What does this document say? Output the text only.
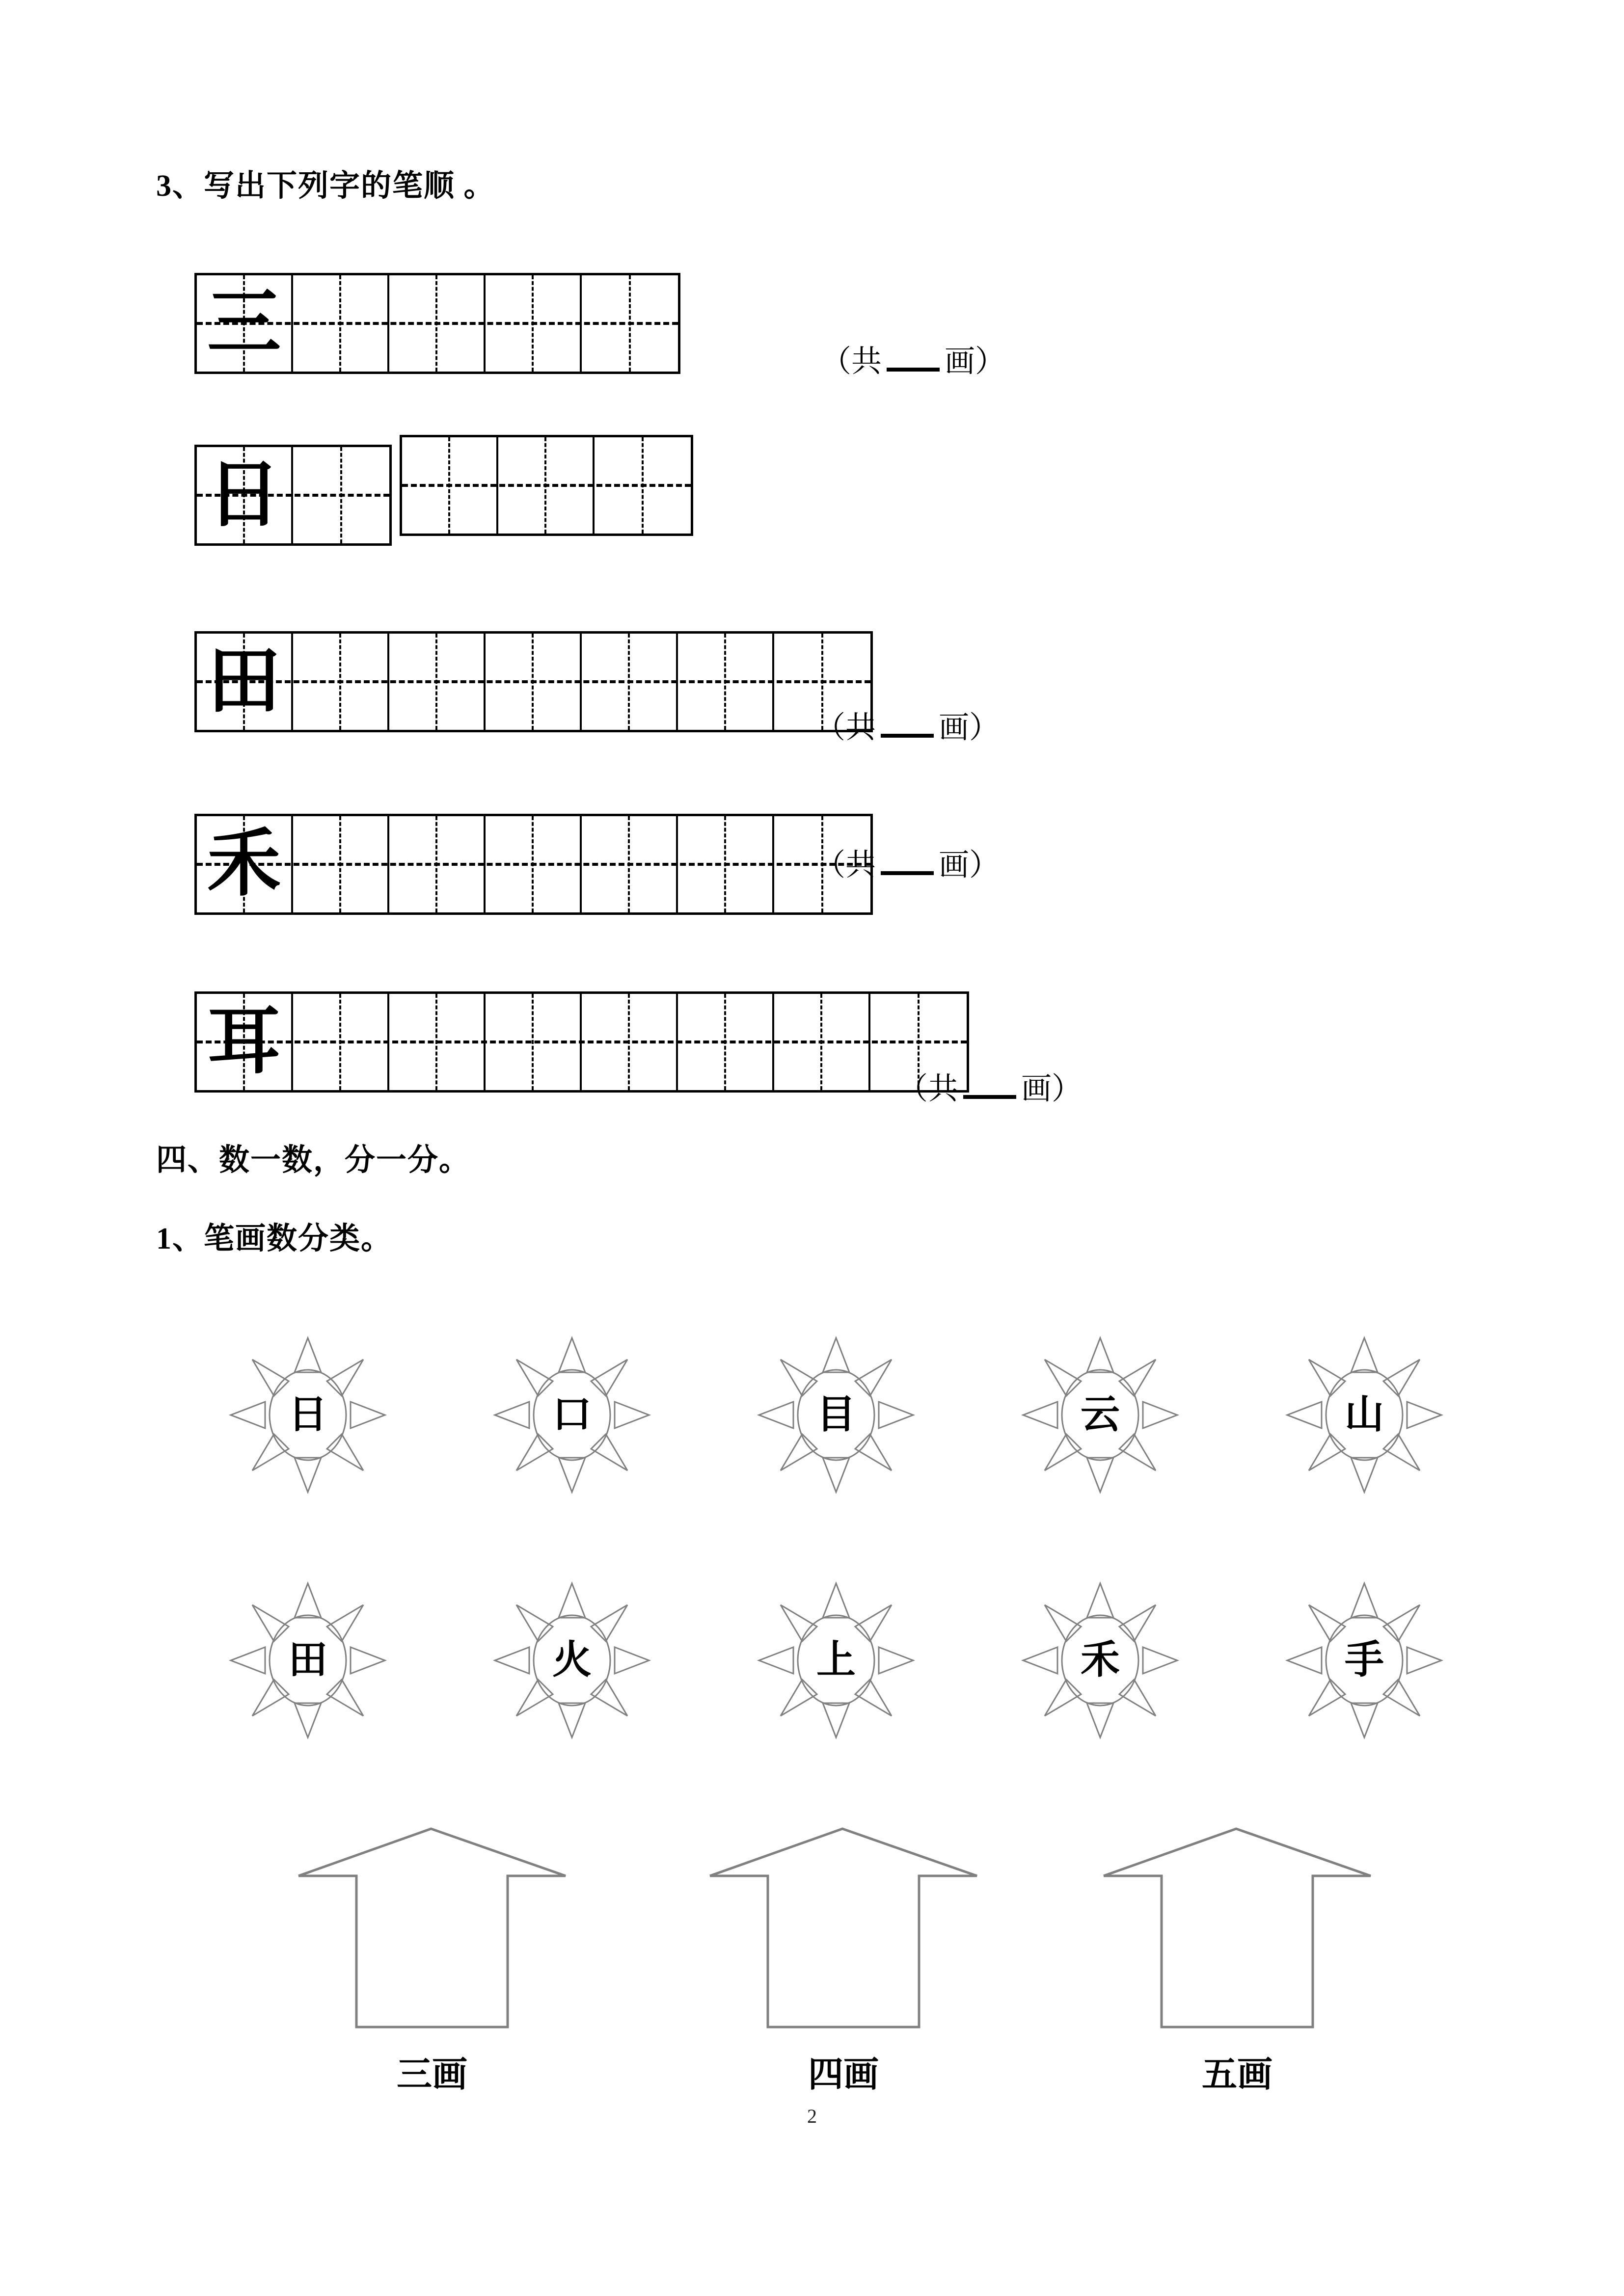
3、写出下列字的笔顺 。
三	（共 画）
日
田
（共 画）
禾	（共 画）
耳
（共 画）
四、数一数，分一分。
1、笔画数分类。
日	口	目	云	山
田	火	上	禾	手
三画	四画	五画
2
